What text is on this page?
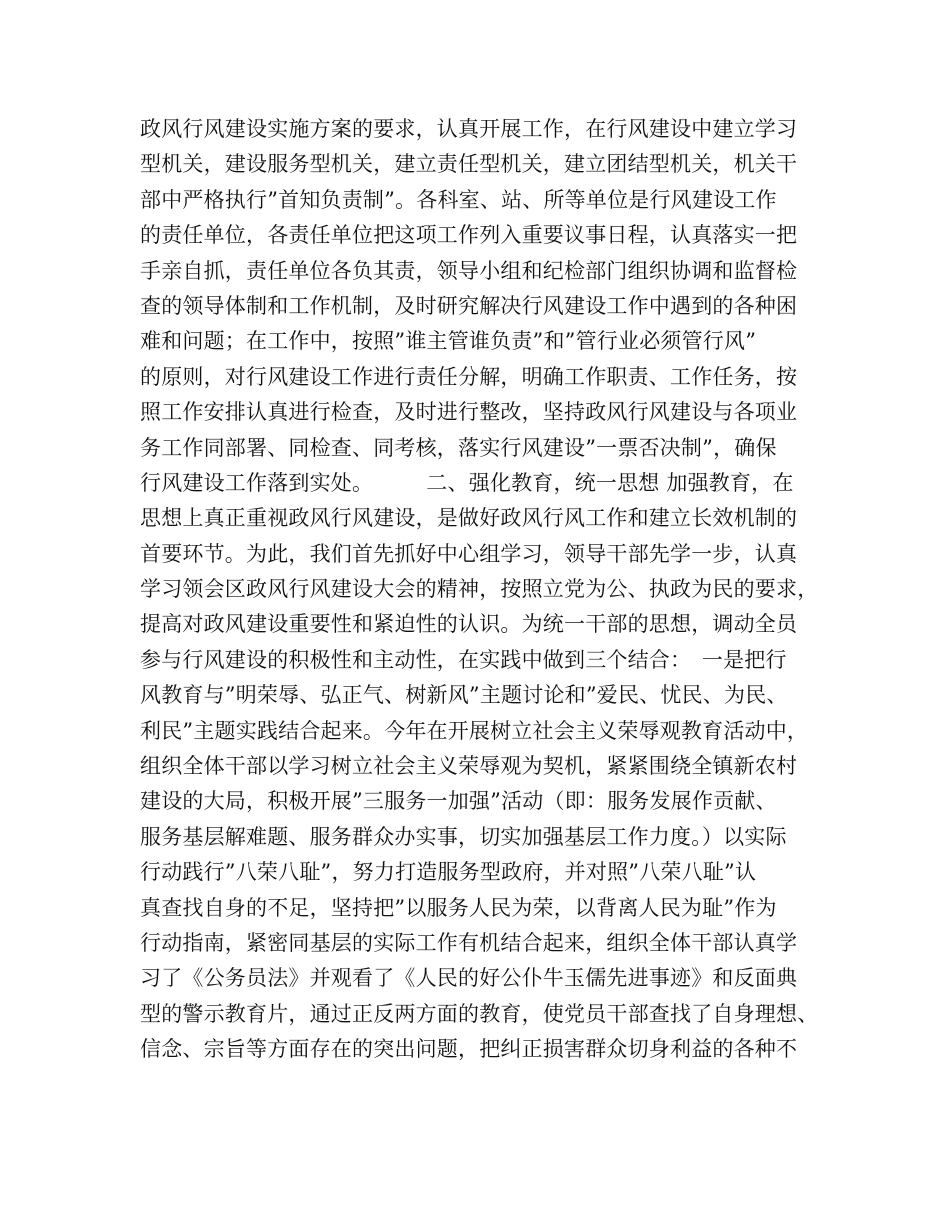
政风行风建设实施方案的要求，认真开展工作，在行风建设中建立学习
型机关，建设服务型机关，建立责任型机关，建立团结型机关，机关干
部中严格执行”首知负责制”。各科室、站、所等单位是行风建设工作
的责任单位，各责任单位把这项工作列入重要议事日程，认真落实一把
手亲自抓，责任单位各负其责，领导小组和纪检部门组织协调和监督检
查的领导体制和工作机制，及时研究解决行风建设工作中遇到的各种困
难和问题；在工作中，按照”谁主管谁负责”和”管行业必须管行风”
的原则，对行风建设工作进行责任分解，明确工作职责、工作任务，按
照工作安排认真进行检查，及时进行整改，坚持政风行风建设与各项业
务工作同部署、同检查、同考核，落实行风建设”一票否决制”，确保
行风建设工作落到实处。　　　二、强化教育，统一思想 加强教育，在
思想上真正重视政风行风建设，是做好政风行风工作和建立长效机制的
首要环节。为此，我们首先抓好中心组学习，领导干部先学一步，认真
学习领会区政风行风建设大会的精神，按照立党为公、执政为民的要求，
提高对政风建设重要性和紧迫性的认识。为统一干部的思想，调动全员
参与行风建设的积极性和主动性，在实践中做到三个结合：　一是把行
风教育与”明荣辱、弘正气、树新风”主题讨论和”爱民、忧民、为民、
利民”主题实践结合起来。今年在开展树立社会主义荣辱观教育活动中，
组织全体干部以学习树立社会主义荣辱观为契机，紧紧围绕全镇新农村
建设的大局，积极开展”三服务一加强”活动（即：服务发展作贡献、
服务基层解难题、服务群众办实事，切实加强基层工作力度。）以实际
行动践行”八荣八耻”，努力打造服务型政府，并对照”八荣八耻”认
真查找自身的不足，坚持把”以服务人民为荣，以背离人民为耻”作为
行动指南，紧密同基层的实际工作有机结合起来，组织全体干部认真学
习了《公务员法》并观看了《人民的好公仆牛玉儒先进事迹》和反面典
型的警示教育片，通过正反两方面的教育，使党员干部查找了自身理想、
信念、宗旨等方面存在的突出问题，把纠正损害群众切身利益的各种不
